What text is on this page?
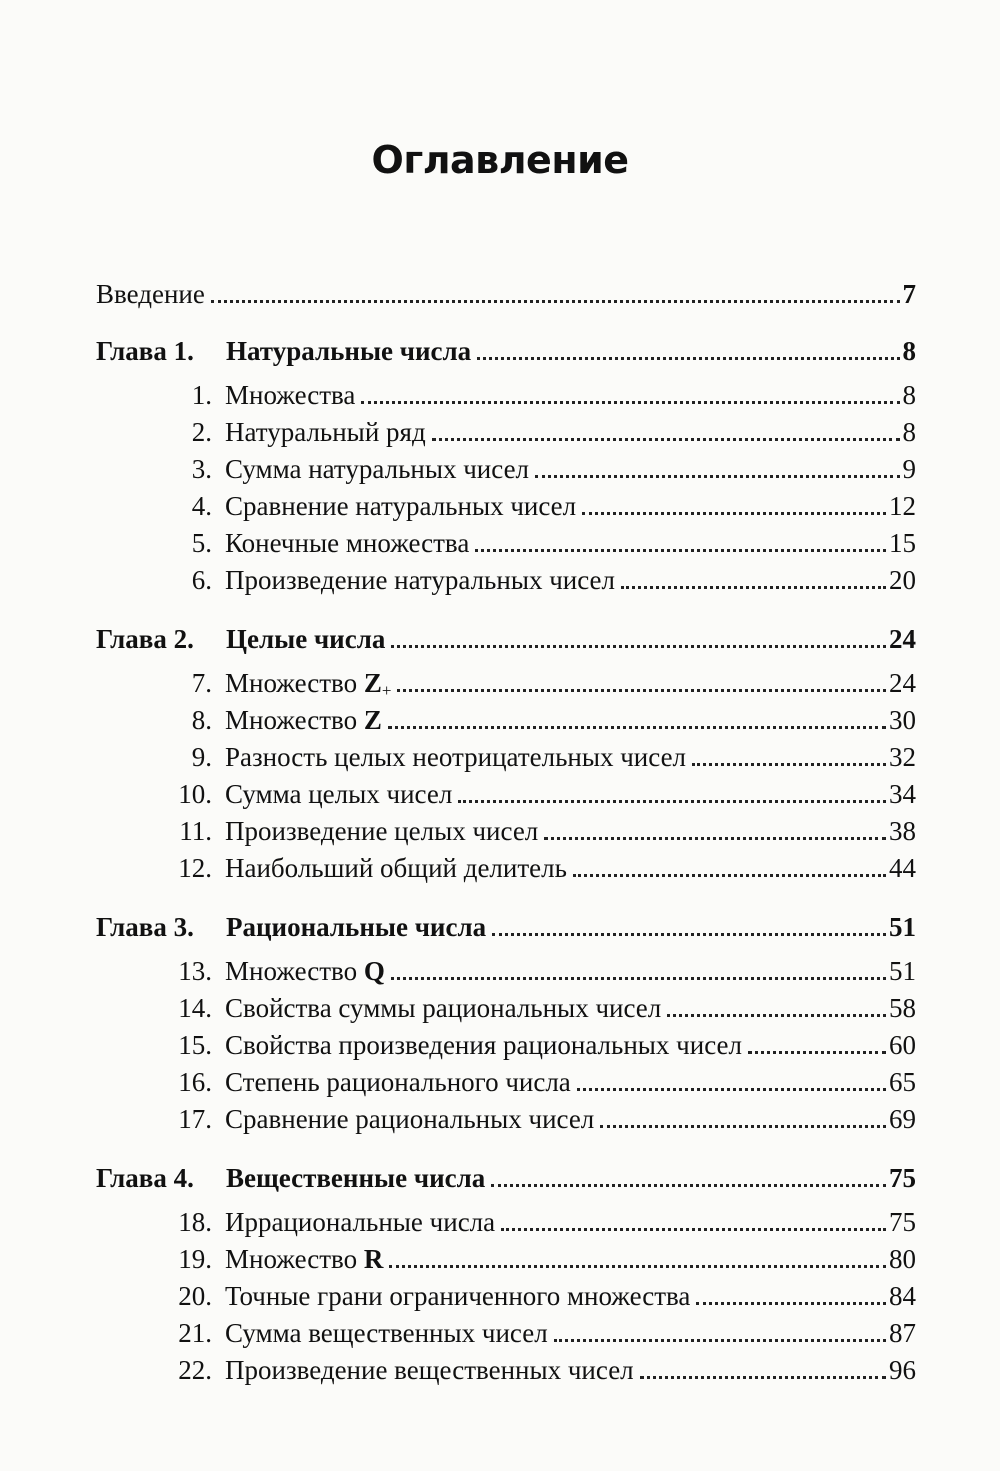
Оглавление
Введение	7
Глава 1.	Натуральные числа	8
1. Множества	8
2. Натуральный ряд	8
3. Сумма натуральных чисел	9
4. Сравнение натуральных чисел	12
5. Конечные множества	15
6. Произведение натуральных чисел	20
Глава 2.	Целые числа	24
7. Множество $Z_+$	24
8. Множество Z	30
9. Разность целых неотрицательных чисел	32
10. Сумма целых чисел	34
11. Произведение целых чисел	38
12. Наибольший общий делитель	44
Глава 3.	Рациональные числа	51
13. Множество Q	51
14. Свойства суммы рациональных чисел	58
15. Свойства произведения рациональных чисел	60
16. Степень рационального числа	65
17. Сравнение рациональных чисел	69
Глава 4.	Вещественные числа	75
18. Иррациональные числа	75
19. Множество R	80
20. Точные грани ограниченного множества	84
21. Сумма вещественных чисел	87
22. Произведение вещественных чисел	96
